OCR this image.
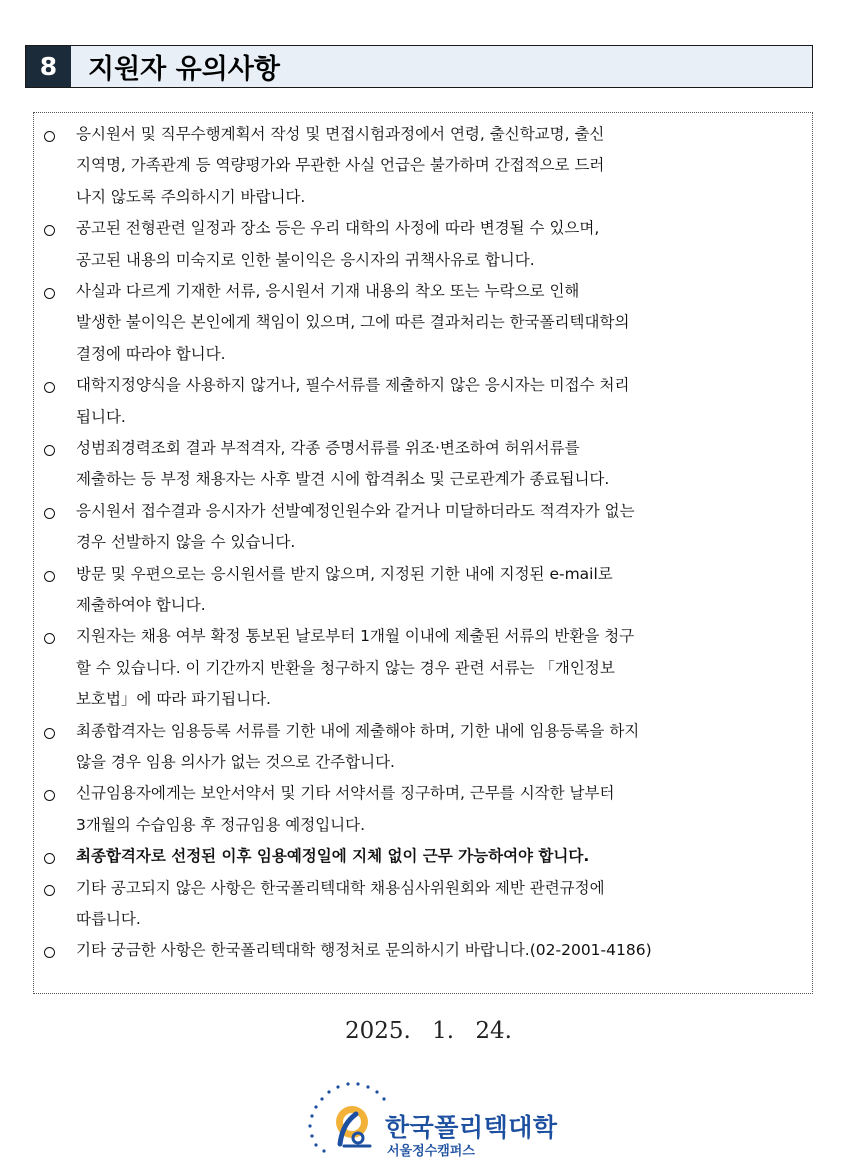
8	지원자 유의사항
응시원서 및 직무수행계획서 작성 및 면접시험과정에서 연령, 출신학교명, 출신
지역명, 가족관계 등 역량평가와 무관한 사실 언급은 불가하며 간접적으로 드러
나지 않도록 주의하시기 바랍니다.
공고된 전형관련 일정과 장소 등은 우리 대학의 사정에 따라 변경될 수 있으며,
공고된 내용의 미숙지로 인한 불이익은 응시자의 귀책사유로 합니다.
사실과 다르게 기재한 서류, 응시원서 기재 내용의 착오 또는 누락으로 인해
발생한 불이익은 본인에게 책임이 있으며, 그에 따른 결과처리는 한국폴리텍대학의
결정에 따라야 합니다.
대학지정양식을 사용하지 않거나, 필수서류를 제출하지 않은 응시자는 미접수 처리
됩니다.
성범죄경력조회 결과 부적격자, 각종 증명서류를 위조·변조하여 허위서류를
제출하는 등 부정 채용자는 사후 발견 시에 합격취소 및 근로관계가 종료됩니다.
응시원서 접수결과 응시자가 선발예정인원수와 같거나 미달하더라도 적격자가 없는
경우 선발하지 않을 수 있습니다.
방문 및 우편으로는 응시원서를 받지 않으며, 지정된 기한 내에 지정된 e-mail로
제출하여야 합니다.
지원자는 채용 여부 확정 통보된 날로부터 1개월 이내에 제출된 서류의 반환을 청구
할 수 있습니다. 이 기간까지 반환을 청구하지 않는 경우 관련 서류는 「개인정보
보호법」에 따라 파기됩니다.
최종합격자는 임용등록 서류를 기한 내에 제출해야 하며, 기한 내에 임용등록을 하지
않을 경우 임용 의사가 없는 것으로 간주합니다.
신규임용자에게는 보안서약서 및 기타 서약서를 징구하며, 근무를 시작한 날부터
3개월의 수습임용 후 정규임용 예정입니다.
최종합격자로 선정된 이후 임용예정일에 지체 없이 근무 가능하여야 합니다.
기타 공고되지 않은 사항은 한국폴리텍대학 채용심사위원회와 제반 관련규정에
따릅니다.
기타 궁금한 사항은 한국폴리텍대학 행정처로 문의하시기 바랍니다.(02-2001-4186)
2025. 1. 24.
한국폴리텍대학
서울정수캠퍼스
